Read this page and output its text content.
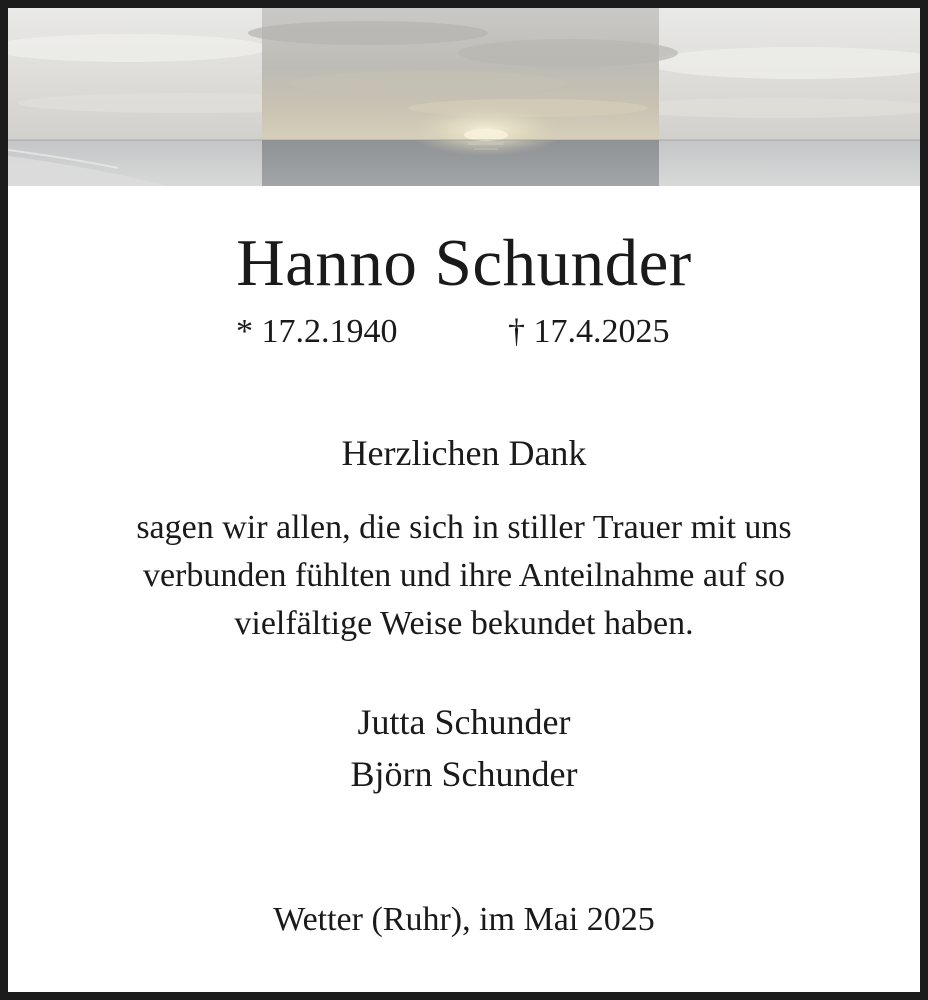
Hanno Schunder
* 17.2.1940	† 17.4.2025
Herzlichen Dank
sagen wir allen, die sich in stiller Trauer mit uns
verbunden fühlten und ihre Anteilnahme auf so
vielfältige Weise bekundet haben.
Jutta Schunder
Björn Schunder
Wetter (Ruhr), im Mai 2025
